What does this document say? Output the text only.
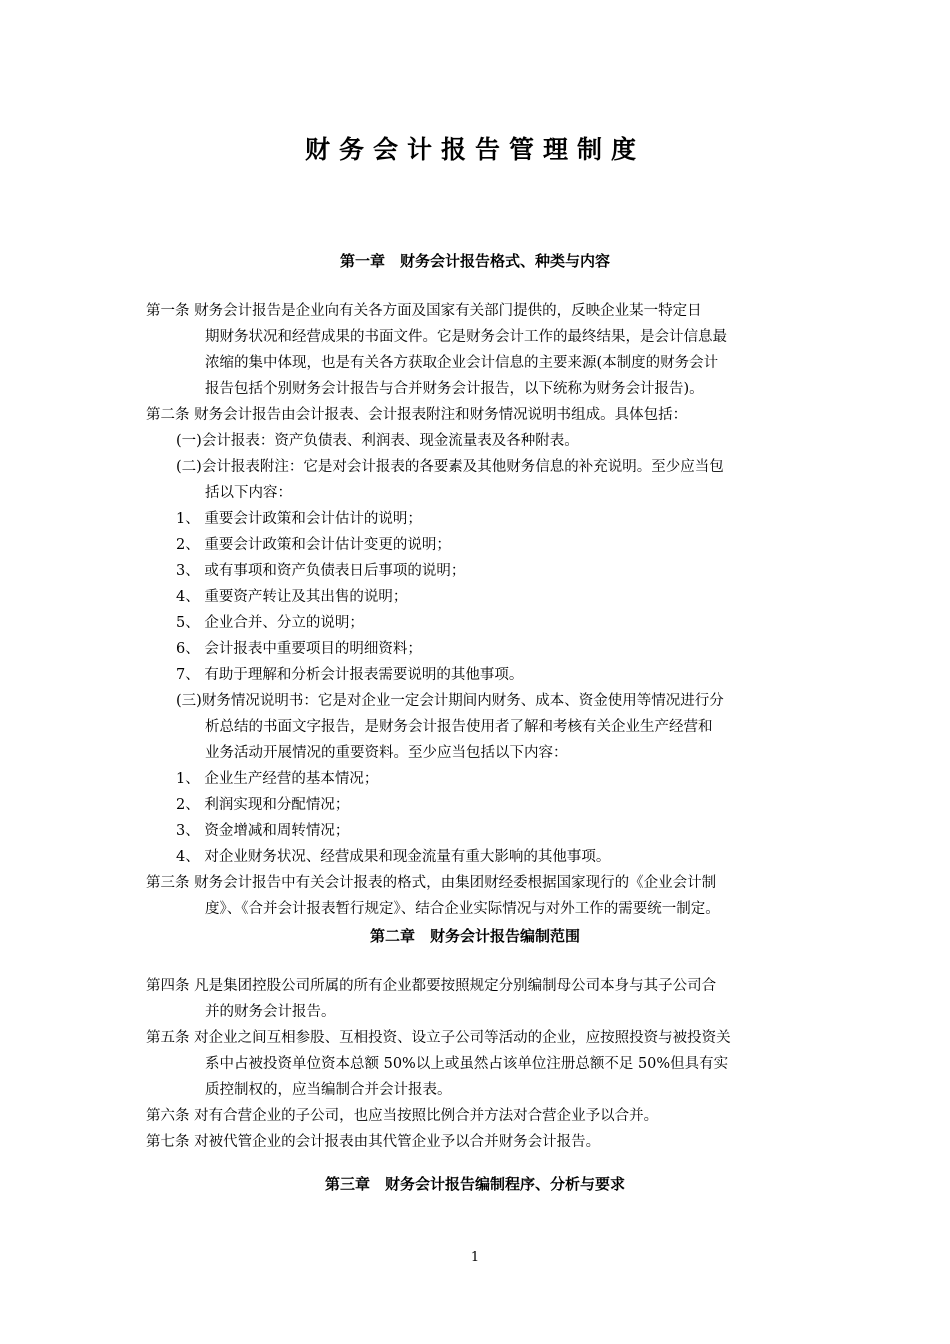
财务会计报告管理制度
第一章　财务会计报告格式、种类与内容

第一条 财务会计报告是企业向有关各方面及国家有关部门提供的，反映企业某一特定日

期财务状况和经营成果的书面文件。它是财务会计工作的最终结果，是会计信息最

浓缩的集中体现，也是有关各方获取企业会计信息的主要来源(本制度的财务会计

报告包括个别财务会计报告与合并财务会计报告，以下统称为财务会计报告)。

第二条 财务会计报告由会计报表、会计报表附注和财务情况说明书组成。具体包括：

(一)会计报表：资产负债表、利润表、现金流量表及各种附表。

(二)会计报表附注：它是对会计报表的各要素及其他财务信息的补充说明。至少应当包

括以下内容：

1、 重要会计政策和会计估计的说明；

2、 重要会计政策和会计估计变更的说明；

3、 或有事项和资产负债表日后事项的说明；

4、 重要资产转让及其出售的说明；

5、 企业合并、分立的说明；

6、 会计报表中重要项目的明细资料；

7、 有助于理解和分析会计报表需要说明的其他事项。

(三)财务情况说明书：它是对企业一定会计期间内财务、成本、资金使用等情况进行分

析总结的书面文字报告，是财务会计报告使用者了解和考核有关企业生产经营和

业务活动开展情况的重要资料。至少应当包括以下内容：

1、 企业生产经营的基本情况；

2、 利润实现和分配情况；

3、 资金增减和周转情况；

4、 对企业财务状况、经营成果和现金流量有重大影响的其他事项。

第三条 财务会计报告中有关会计报表的格式，由集团财经委根据国家现行的《企业会计制

度》、《合并会计报表暂行规定》、结合企业实际情况与对外工作的需要统一制定。

第二章　财务会计报告编制范围

第四条 凡是集团控股公司所属的所有企业都要按照规定分别编制母公司本身与其子公司合

并的财务会计报告。

第五条 对企业之间互相参股、互相投资、设立子公司等活动的企业，应按照投资与被投资关

系中占被投资单位资本总额 50%以上或虽然占该单位注册总额不足 50%但具有实

质控制权的，应当编制合并会计报表。

第六条 对有合营企业的子公司，也应当按照比例合并方法对合营企业予以合并。

第七条 对被代管企业的会计报表由其代管企业予以合并财务会计报告。

第三章　财务会计报告编制程序、分析与要求
1
